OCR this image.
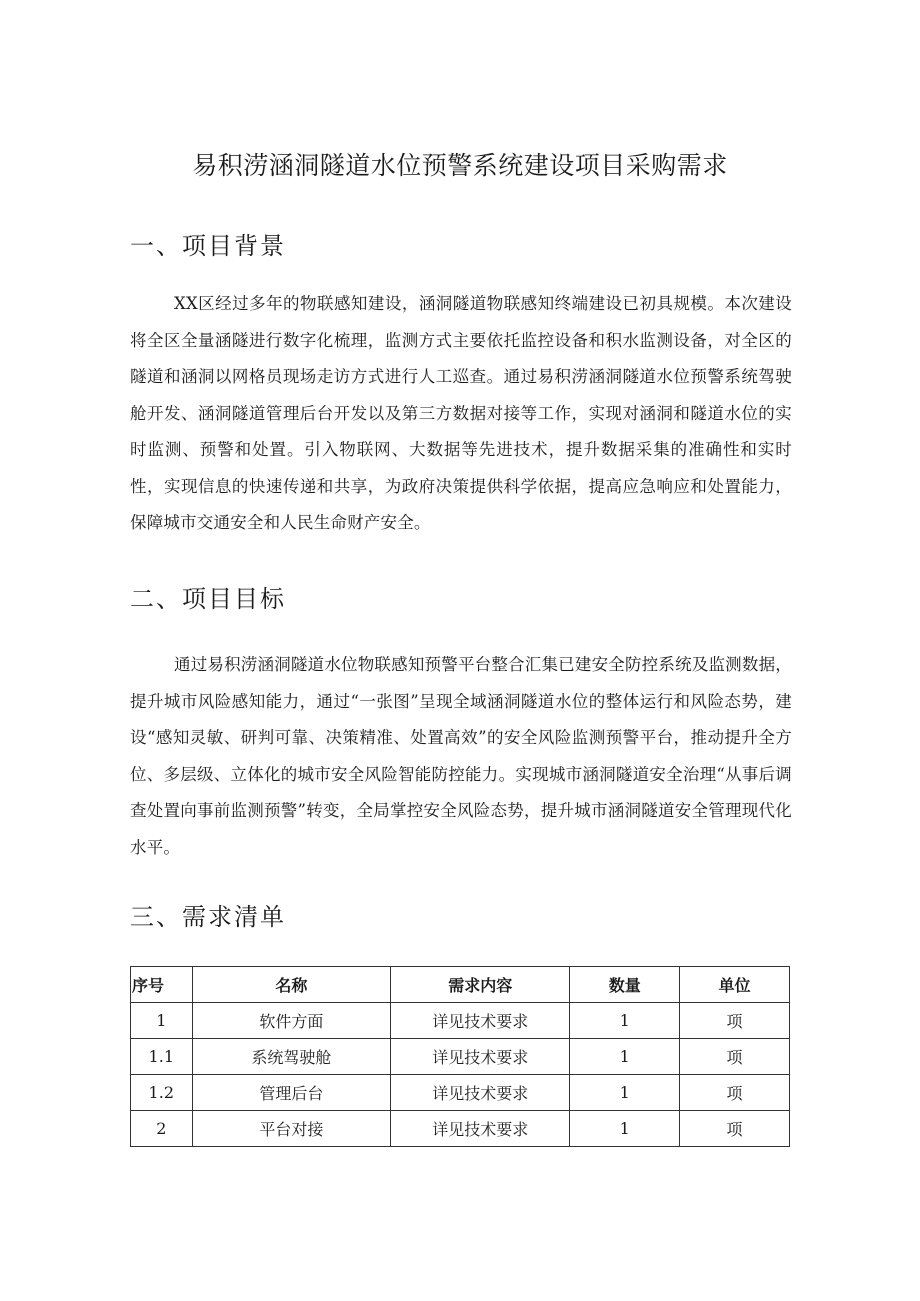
易积涝涵洞隧道水位预警系统建设项目采购需求
一、项目背景

XX区经过多年的物联感知建设，涵洞隧道物联感知终端建设已初具规模。本次建设将全区全量涵隧进行数字化梳理，监测方式主要依托监控设备和积水监测设备，对全区的隧道和涵洞以网格员现场走访方式进行人工巡查。通过易积涝涵洞隧道水位预警系统驾驶舱开发、涵洞隧道管理后台开发以及第三方数据对接等工作，实现对涵洞和隧道水位的实时监测、预警和处置。引入物联网、大数据等先进技术，提升数据采集的准确性和实时性，实现信息的快速传递和共享，为政府决策提供科学依据，提高应急响应和处置能力，保障城市交通安全和人民生命财产安全。

二、项目目标

通过易积涝涵洞隧道水位物联感知预警平台整合汇集已建安全防控系统及监测数据，提升城市风险感知能力，通过“一张图”呈现全域涵洞隧道水位的整体运行和风险态势，建设“感知灵敏、研判可靠、决策精准、处置高效”的安全风险监测预警平台，推动提升全方位、多层级、立体化的城市安全风险智能防控能力。实现城市涵洞隧道安全治理“从事后调查处置向事前监测预警”转变，全局掌控安全风险态势，提升城市涵洞隧道安全管理现代化水平。

三、需求清单
序号	名称	需求内容	数量	单位
1	软件方面	详见技术要求	1	项
1.1	系统驾驶舱	详见技术要求	1	项
1.2	管理后台	详见技术要求	1	项
2	平台对接	详见技术要求	1	项
